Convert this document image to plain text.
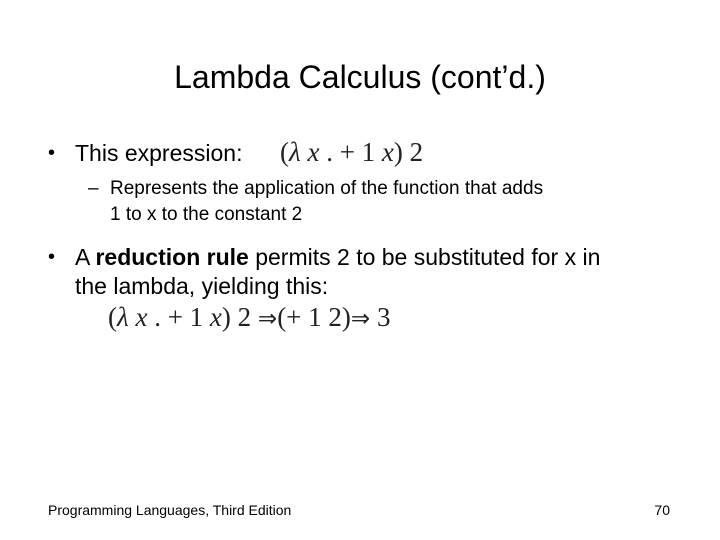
Lambda Calculus (cont’d.)
• This expression: (λ x . + 1 x) 2
– Represents the application of the function that adds
1 to x to the constant 2
• A reduction rule permits 2 to be substituted for x in
the lambda, yielding this:
(λ x . + 1 x) 2 ⇒(+ 1 2)⇒ 3
Programming Languages, Third Edition	70
